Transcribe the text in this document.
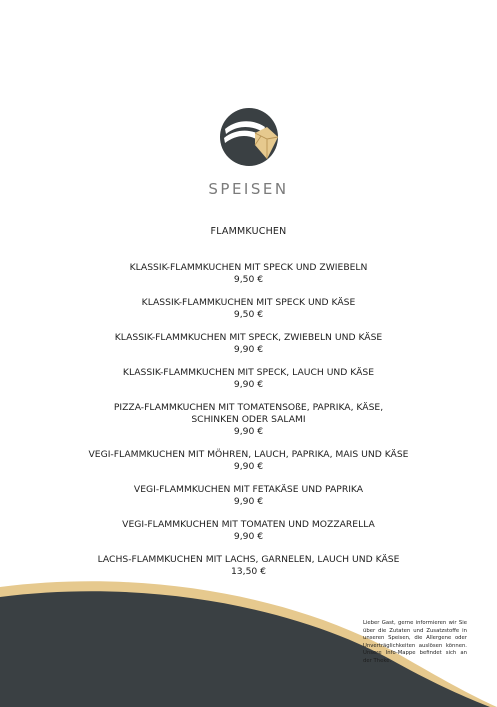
SPEISEN
FLAMMKUCHEN
KLASSIK-FLAMMKUCHEN MIT SPECK UND ZWIEBELN
9,50 €
KLASSIK-FLAMMKUCHEN MIT SPECK UND KÄSE
9,50 €
KLASSIK-FLAMMKUCHEN MIT SPECK, ZWIEBELN UND KÄSE
9,90 €
KLASSIK-FLAMMKUCHEN MIT SPECK, LAUCH UND KÄSE
9,90 €
PIZZA-FLAMMKUCHEN MIT TOMATENSOßE, PAPRIKA, KÄSE,
SCHINKEN ODER SALAMI
9,90 €
VEGI-FLAMMKUCHEN MIT MÖHREN, LAUCH, PAPRIKA, MAIS UND KÄSE
9,90 €
VEGI-FLAMMKUCHEN MIT FETAKÄSE UND PAPRIKA
9,90 €
VEGI-FLAMMKUCHEN MIT TOMATEN UND MOZZARELLA
9,90 €
LACHS-FLAMMKUCHEN MIT LACHS, GARNELEN, LAUCH UND KÄSE
13,50 €
Lieber Gast, gerne informieren wir Sie über die Zutaten und Zusatzstoffe in unseren Speisen, die Allergene oder Unverträglichkeiten auslösen können. Unsere Info-Mappe befindet sich an der Theke.
